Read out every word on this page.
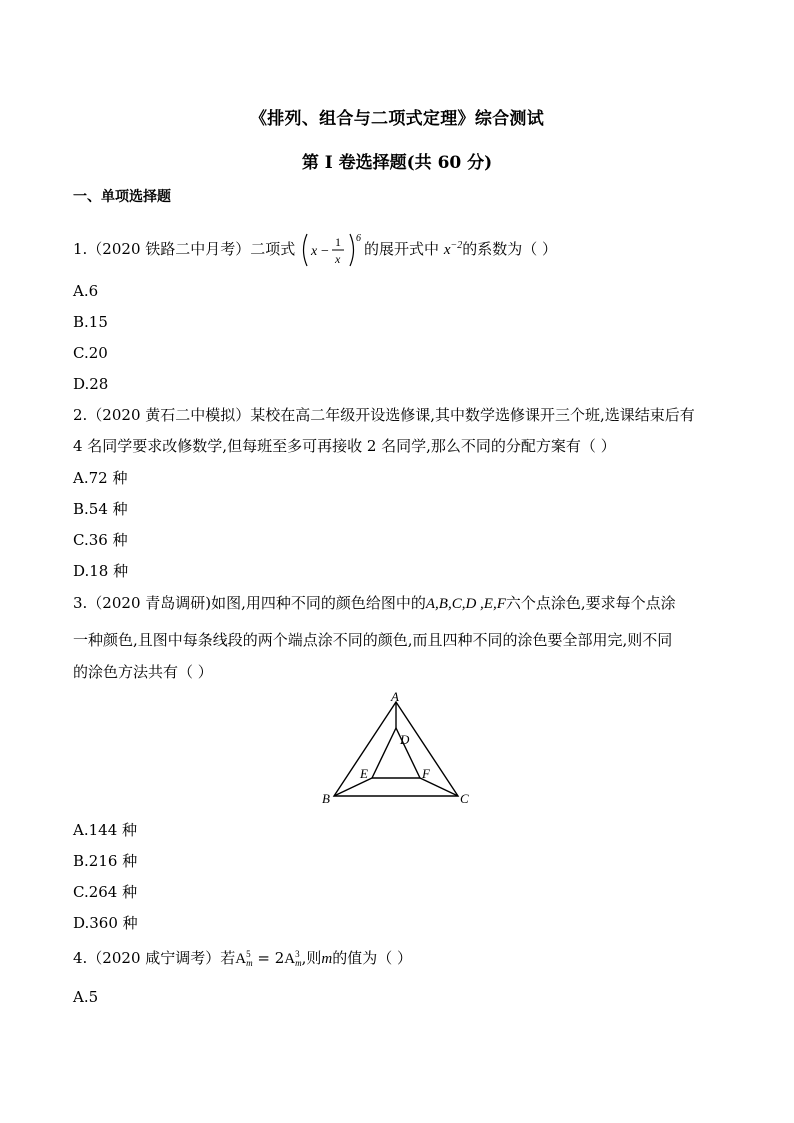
《排列、组合与二项式定理》综合测试
第 I 卷选择题(共 60 分)
一、单项选择题
1.（2020 铁路二中月考）二项式 x −
1
x
6
的展开式中 $x^{-2}$的系数为（ ）
A.6
B.15
C.20
D.28
2.（2020 黄石二中模拟）某校在高二年级开设选修课,其中数学选修课开三个班,选课结束后有
4 名同学要求改修数学,但每班至多可再接收 2 名同学,那么不同的分配方案有（ ）
A.72 种
B.54 种
C.36 种
D.18 种
3.（2020 青岛调研)如图,用四种不同的颜色给图中的A,B,C,D ,E,F六个点涂色,要求每个点涂
一种颜色,且图中每条线段的两个端点涂不同的颜色,而且四种不同的涂色要全部用完,则不同
的涂色方法共有（ ）
A
B	C
D
E	F
A.144 种
B.216 种
C.264 种
D.360 种
4.（2020 咸宁调考）若A 5
m = 2A 3
m ,则m的值为（ ）
A.5
